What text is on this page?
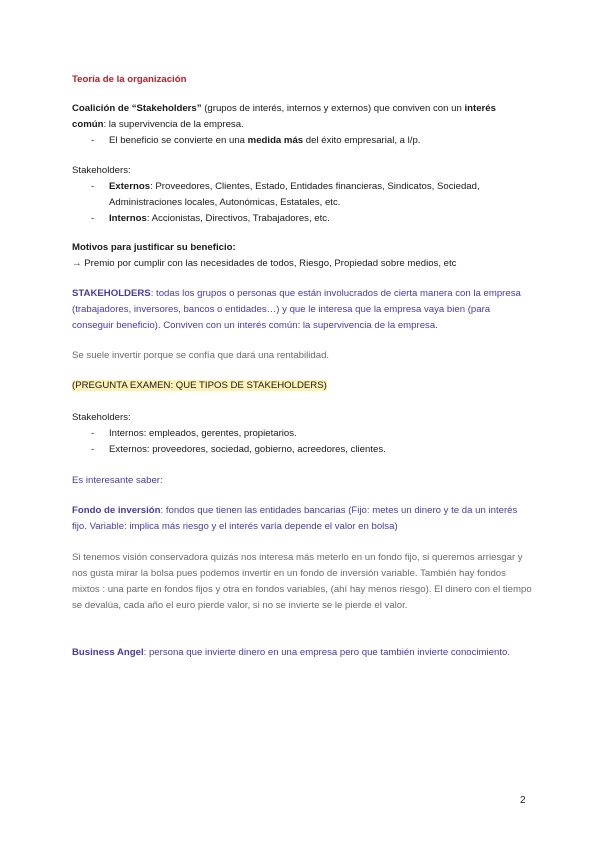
Teoría de la organización
Coalición de “Stakeholders” (grupos de interés, internos y externos) que conviven con un interés común: la supervivencia de la empresa.
- El beneficio se convierte en una medida más del éxito empresarial, a l/p.
Stakeholders:
- Externos: Proveedores, Clientes, Estado, Entidades financieras, Sindicatos, Sociedad, Administraciones locales, Autonómicas, Estatales, etc.
- Internos: Accionistas, Directivos, Trabajadores, etc.
Motivos para justificar su beneficio:
→ Premio por cumplir con las necesidades de todos, Riesgo, Propiedad sobre medios, etc
STAKEHOLDERS: todas los grupos o personas que están involucrados de cierta manera con la empresa (trabajadores, inversores, bancos o entidades…) y que le interesa que la empresa vaya bien (para conseguir beneficio). Conviven con un interés común: la supervivencia de la empresa.
Se suele invertir porque se confía que dará una rentabilidad.
(PREGUNTA EXAMEN: QUE TIPOS DE STAKEHOLDERS)
Stakeholders:
- Internos: empleados, gerentes, propietarios.
- Externos: proveedores, sociedad, gobierno, acreedores, clientes.
Es interesante saber:
Fondo de inversión: fondos que tienen las entidades bancarias (Fijo: metes un dinero y te da un interés fijo. Variable: implica más riesgo y el interés varía depende el valor en bolsa)
Si tenemos visión conservadora quizás nos interesa más meterlo en un fondo fijo, si queremos arriesgar y nos gusta mirar la bolsa pues podemos invertir en un fondo de inversión variable. También hay fondos mixtos : una parte en fondos fijos y otra en fondos variables, (ahí hay menos riesgo). El dinero con el tiempo se devalúa, cada año el euro pierde valor, si no se invierte se le pierde el valor.
Business Angel: persona que invierte dinero en una empresa pero que también invierte conocimiento.
2
